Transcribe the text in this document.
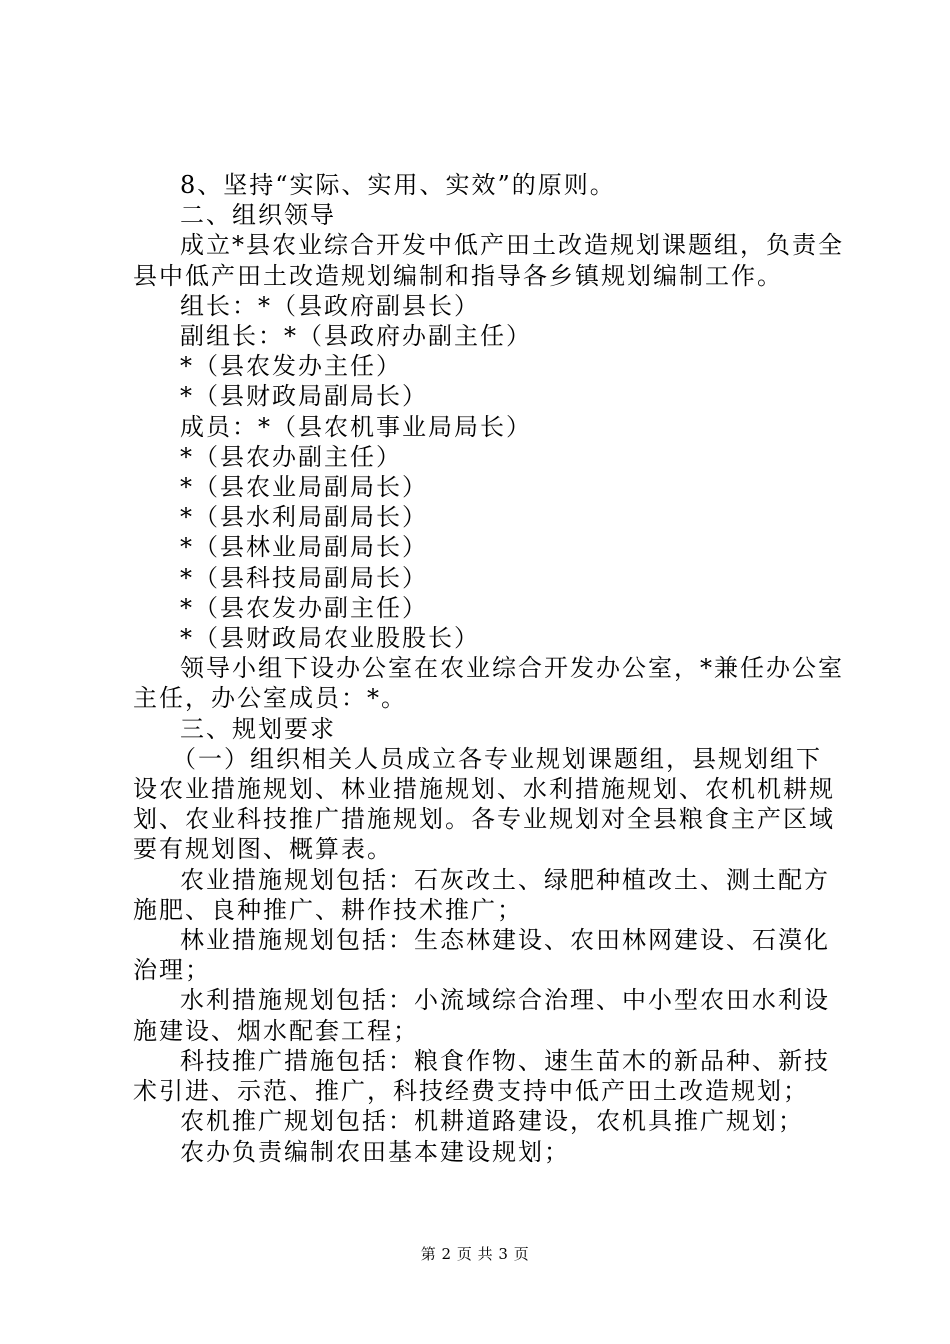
8、坚持“实际、实用、实效”的原则。

二、组织领导

成立*县农业综合开发中低产田土改造规划课题组，负责全

县中低产田土改造规划编制和指导各乡镇规划编制工作。

组长：*（县政府副县长）

副组长：*（县政府办副主任）

*（县农发办主任）

*（县财政局副局长）

成员：*（县农机事业局局长）

*（县农办副主任）

*（县农业局副局长）

*（县水利局副局长）

*（县林业局副局长）

*（县科技局副局长）

*（县农发办副主任）

*（县财政局农业股股长）

领导小组下设办公室在农业综合开发办公室，*兼任办公室

主任，办公室成员：*。

三、规划要求

（一）组织相关人员成立各专业规划课题组，县规划组下

设农业措施规划、林业措施规划、水利措施规划、农机机耕规

划、农业科技推广措施规划。各专业规划对全县粮食主产区域

要有规划图、概算表。

农业措施规划包括：石灰改土、绿肥种植改土、测土配方

施肥、良种推广、耕作技术推广；

林业措施规划包括：生态林建设、农田林网建设、石漠化

治理；

水利措施规划包括：小流域综合治理、中小型农田水利设

施建设、烟水配套工程；

科技推广措施包括：粮食作物、速生苗木的新品种、新技

术引进、示范、推广，科技经费支持中低产田土改造规划；

农机推广规划包括：机耕道路建设，农机具推广规划；

农办负责编制农田基本建设规划；

第 2 页 共 3 页
